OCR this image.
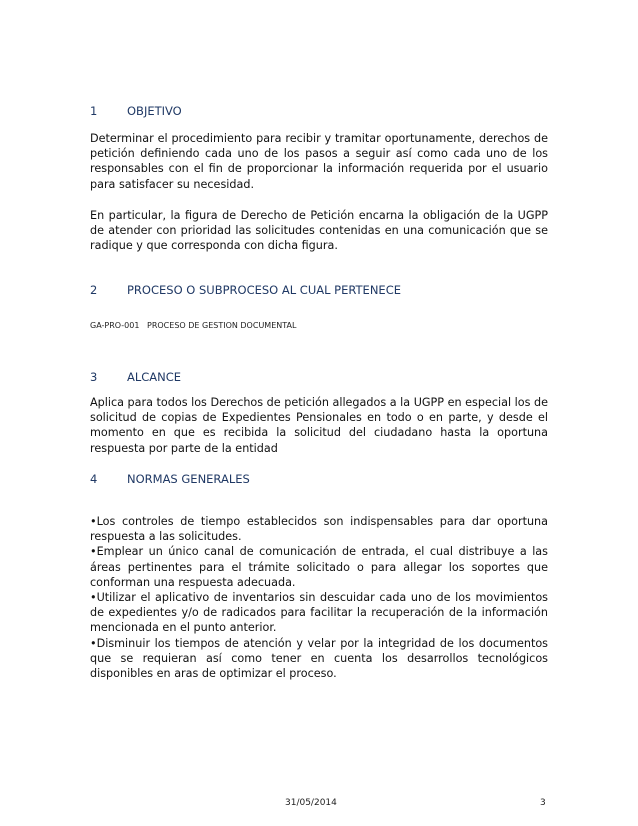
1	OBJETIVO
Determinar el procedimiento para recibir y tramitar oportunamente, derechos de petición definiendo cada uno de los pasos a seguir así como cada uno de los responsables con el fin de proporcionar la información requerida por el usuario para satisfacer su necesidad.
En particular, la figura de Derecho de Petición encarna la obligación de la UGPP de atender con prioridad las solicitudes contenidas en una comunicación que se radique y que corresponda con dicha figura.
2	PROCESO O SUBPROCESO AL CUAL PERTENECE
GA-PRO-001 PROCESO DE GESTION DOCUMENTAL
3	ALCANCE
Aplica para todos los Derechos de petición allegados a la UGPP en especial los de solicitud de copias de Expedientes Pensionales en todo o en parte, y desde el momento en que es recibida la solicitud del ciudadano hasta la oportuna respuesta por parte de la entidad
4	NORMAS GENERALES

•Los controles de tiempo establecidos son indispensables para dar oportuna respuesta a las solicitudes.

•Emplear un único canal de comunicación de entrada, el cual distribuye a las áreas pertinentes para el trámite solicitado o para allegar los soportes que conforman una respuesta adecuada.

•Utilizar el aplicativo de inventarios sin descuidar cada uno de los movimientos de expedientes y/o de radicados para facilitar la recuperación de la información mencionada en el punto anterior.

•Disminuir los tiempos de atención y velar por la integridad de los documentos que se requieran así como tener en cuenta los desarrollos tecnológicos disponibles en aras de optimizar el proceso.

31/05/2014	3
